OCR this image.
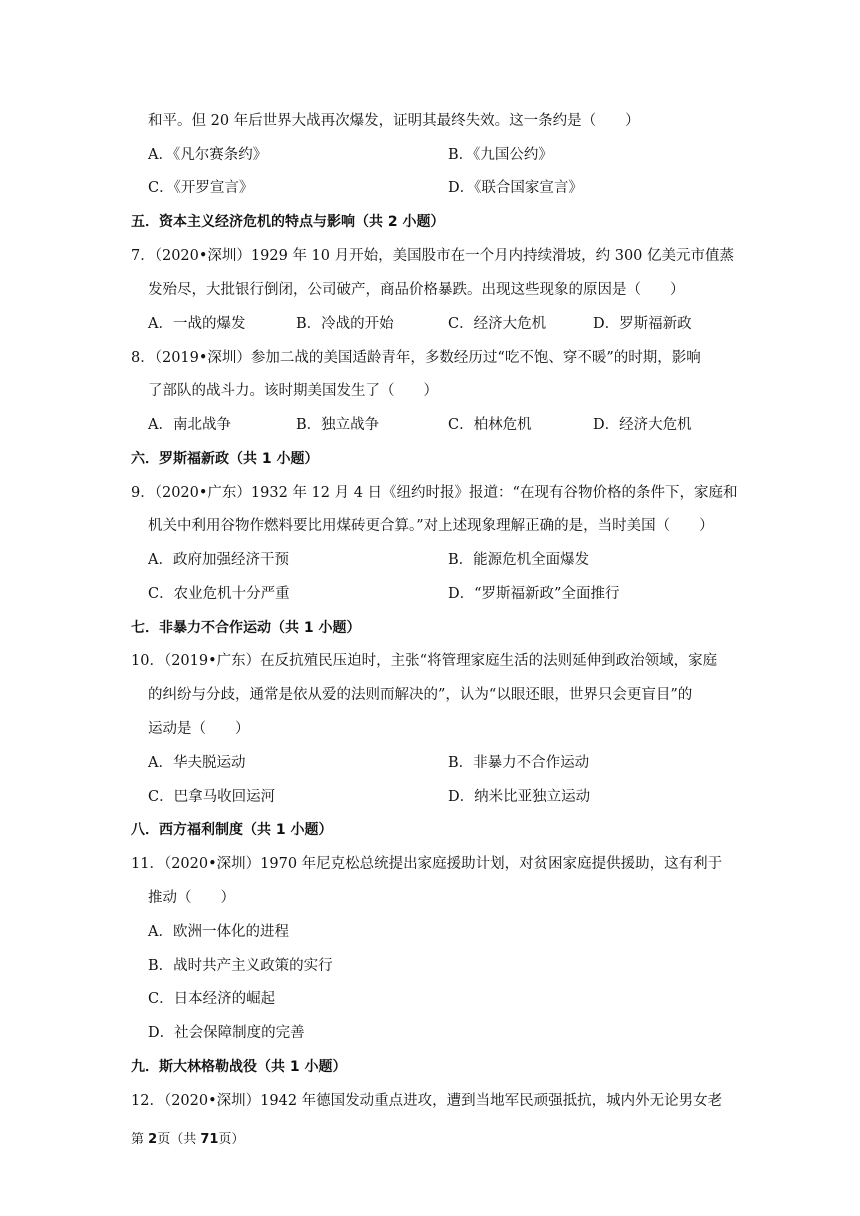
和平。但 20 年后世界大战再次爆发，证明其最终失效。这一条约是（　　）
A．《凡尔赛条约》	B．《九国公约》
C．《开罗宣言》	D．《联合国家宣言》
五．资本主义经济危机的特点与影响（共 2 小题）
7．（2020•深圳）1929 年 10 月开始，美国股市在一个月内持续滑坡，约 300 亿美元市值蒸
发殆尽，大批银行倒闭，公司破产，商品价格暴跌。出现这些现象的原因是（　　）
A．一战的爆发	B．冷战的开始	C．经济大危机	D．罗斯福新政
8．（2019•深圳）参加二战的美国适龄青年，多数经历过“吃不饱、穿不暖”的时期，影响
了部队的战斗力。该时期美国发生了（　　）
A．南北战争	B．独立战争	C．柏林危机	D．经济大危机
六．罗斯福新政（共 1 小题）
9．（2020•广东）1932 年 12 月 4 日《纽约时报》报道：“在现有谷物价格的条件下，家庭和
机关中利用谷物作燃料要比用煤砖更合算。”对上述现象理解正确的是，当时美国（　　）
A．政府加强经济干预	B．能源危机全面爆发
C．农业危机十分严重	D．“罗斯福新政”全面推行
七．非暴力不合作运动（共 1 小题）
10．（2019•广东）在反抗殖民压迫时，主张“将管理家庭生活的法则延伸到政治领域，家庭
的纠纷与分歧，通常是依从爱的法则而解决的”，认为“以眼还眼，世界只会更盲目”的
运动是（　　）
A．华夫脱运动	B．非暴力不合作运动
C．巴拿马收回运河	D．纳米比亚独立运动
八．西方福利制度（共 1 小题）
11．（2020•深圳）1970 年尼克松总统提出家庭援助计划，对贫困家庭提供援助，这有利于
推动（　　）
A．欧洲一体化的进程
B．战时共产主义政策的实行
C．日本经济的崛起
D．社会保障制度的完善
九．斯大林格勒战役（共 1 小题）
12．（2020•深圳）1942 年德国发动重点进攻，遭到当地军民顽强抵抗，城内外无论男女老
第 2页（共 71页）
